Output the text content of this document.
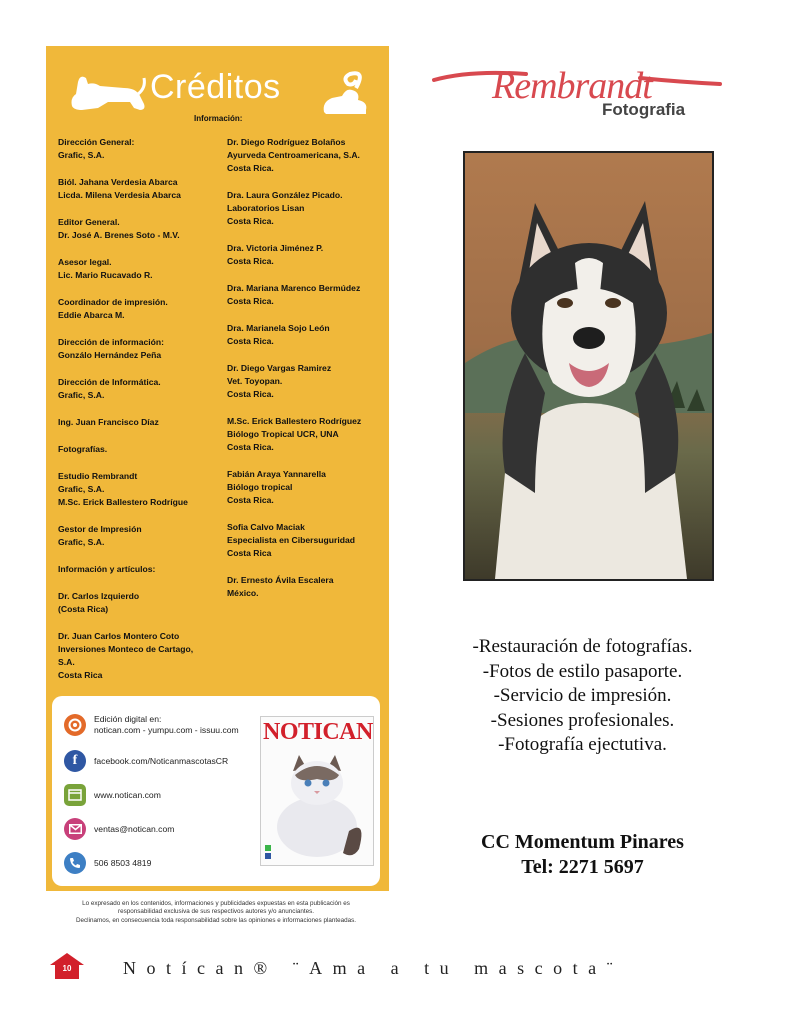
Créditos
Información:
Dirección General:
Grafic, S.A.
Biól. Jahana Verdesia Abarca
Licda. Milena Verdesia Abarca
Editor General.
Dr. José A. Brenes Soto - M.V.
Asesor legal.
Lic. Mario Rucavado R.
Coordinador de impresión.
Eddie Abarca M.
Dirección de información:
Gonzálo Hernández Peña
Dirección de Informática.
Grafic, S.A.
Ing. Juan Francisco Díaz
Fotografías.
Estudio Rembrandt
Grafic, S.A.
M.Sc. Erick Ballestero Rodrígue
Gestor de Impresión
Grafic, S.A.
Información y artículos:
Dr. Carlos Izquierdo
(Costa Rica)
Dr. Juan Carlos Montero Coto
Inversiones Monteco de Cartago,
S.A.
Costa Rica
Dr. Diego Rodríguez Bolaños
Ayurveda Centroamericana, S.A.
Costa Rica.
Dra. Laura González Picado.
Laboratorios Lisan
Costa Rica.
Dra. Victoria Jiménez P.
Costa Rica.
Dra. Mariana Marenco Bermúdez
Costa Rica.
Dra. Marianela Sojo León
Costa Rica.
Dr. Diego Vargas Ramirez
Vet. Toyopan.
Costa Rica.
M.Sc. Erick Ballestero Rodríguez
Biólogo Tropical UCR, UNA
Costa Rica.
Fabián Araya Yannarella
Biólogo tropical
Costa Rica.
Sofia Calvo Maciak
Especialista en Cibersuguridad
Costa Rica
Dr. Ernesto Ávila Escalera
México.
Edición digital en:
notican.com - yumpu.com - issuu.com
f	facebook.com/NoticanmascotasCR
www.notican.com
ventas@notican.com
506 8503 4819
NOTICAN
Lo expresado en los contenidos, informaciones y publicidades expuestas en esta publicación es
responsabilidad exclusiva de sus respectivos autores y/o anunciantes.
Declinamos, en consecuencia toda responsabilidad sobre las opiniones e informaciones planteadas.
Rembrandt
Fotografia
-Restauración de fotografías.
-Fotos de estilo pasaporte.
-Servicio de impresión.
-Sesiones profesionales.
-Fotografía ejectutiva.
CC Momentum Pinares
Tel: 2271 5697
10	Notícan® ¨Ama a tu mascota¨
